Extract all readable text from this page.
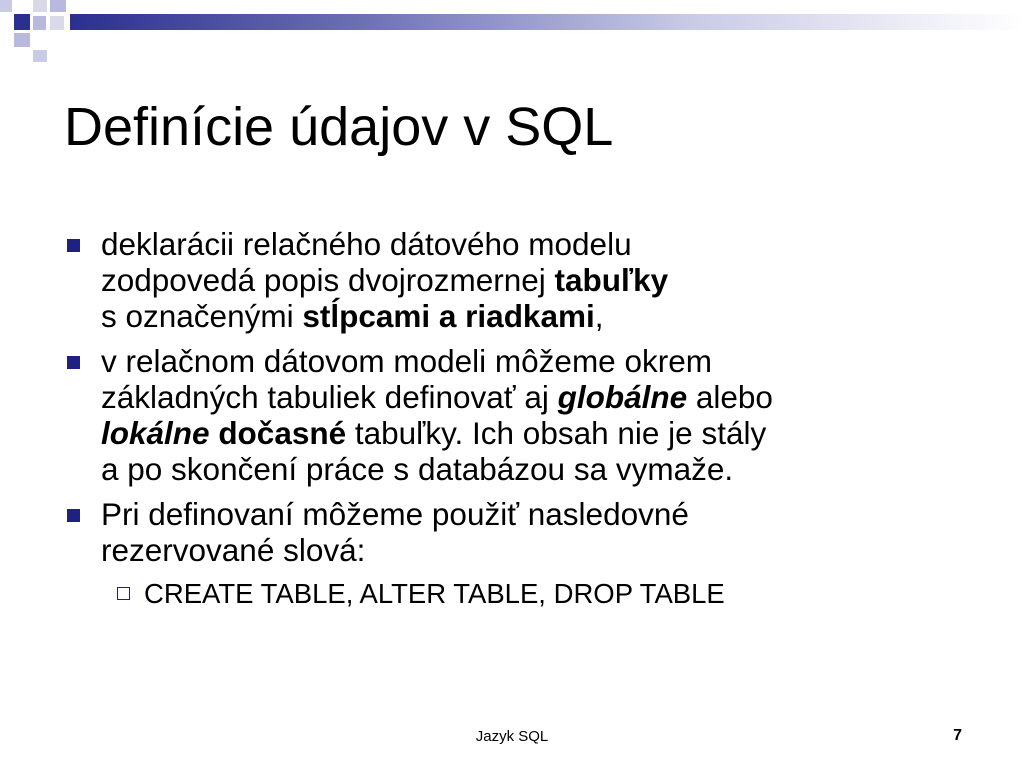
Definície údajov v SQL
deklarácii relačného dátového modelu
zodpovedá popis dvojrozmernej tabuľky
s označenými stĺpcami a riadkami,
v relačnom dátovom modeli môžeme okrem
základných tabuliek definovať aj globálne alebo
lokálne dočasné tabuľky. Ich obsah nie je stály
a po skončení práce s databázou sa vymaže.
Pri definovaní môžeme použiť nasledovné
rezervované slová:
CREATE TABLE, ALTER TABLE, DROP TABLE
Jazyk SQL	7
